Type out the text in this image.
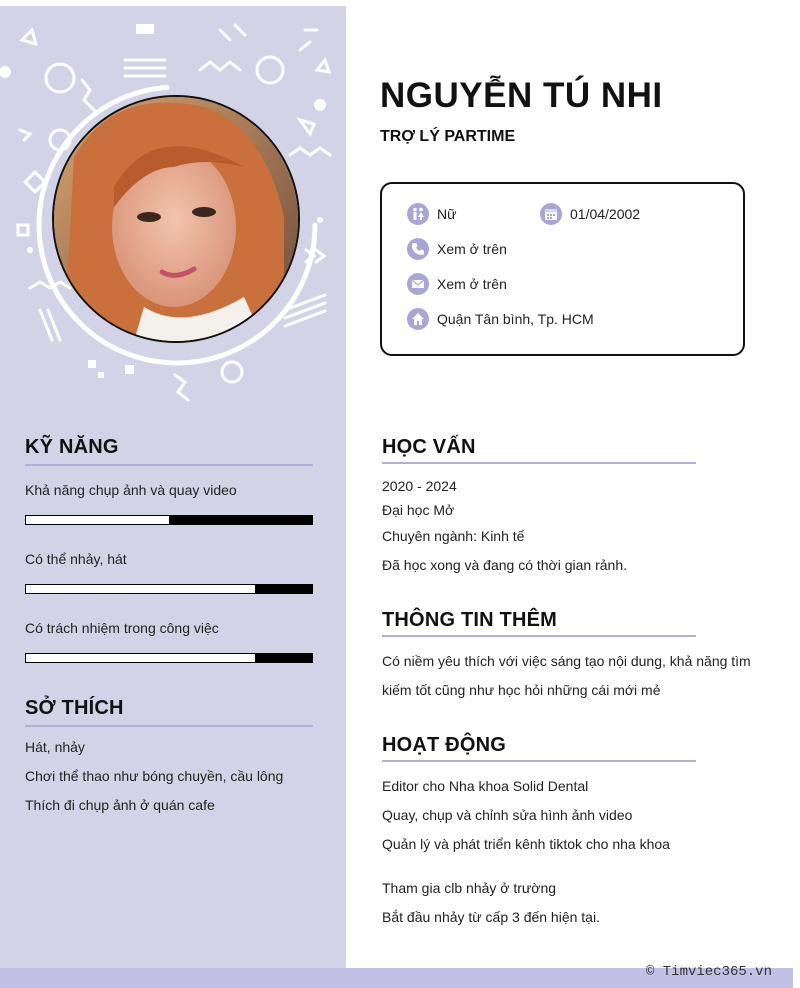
KỸ NĂNG
Khả năng chụp ảnh và quay video
Có thể nhảy, hát
Có trách nhiệm trong công việc
SỞ THÍCH
Hát, nhảy
Chơi thể thao như bóng chuyền, cầu lông
Thích đi chụp ảnh ở quán cafe
NGUYỄN TÚ NHI
TRỢ LÝ PARTIME
Nữ	01/04/2002
Xem ở trên
Xem ở trên
Quận Tân bình, Tp. HCM
HỌC VẤN
2020 - 2024
Đại học Mở
Chuyên ngành: Kinh tế
Đã học xong và đang có thời gian rảnh.
THÔNG TIN THÊM
Có niềm yêu thích với việc sáng tạo nội dung, khả năng tìm
kiếm tốt cũng như học hỏi những cái mới mẻ
HOẠT ĐỘNG
Editor cho Nha khoa Solid Dental
Quay, chụp và chỉnh sửa hình ảnh video
Quản lý và phát triển kênh tiktok cho nha khoa
Tham gia clb nhảy ở trường
Bắt đầu nhảy từ cấp 3 đến hiện tại.
© Timviec365.vn
